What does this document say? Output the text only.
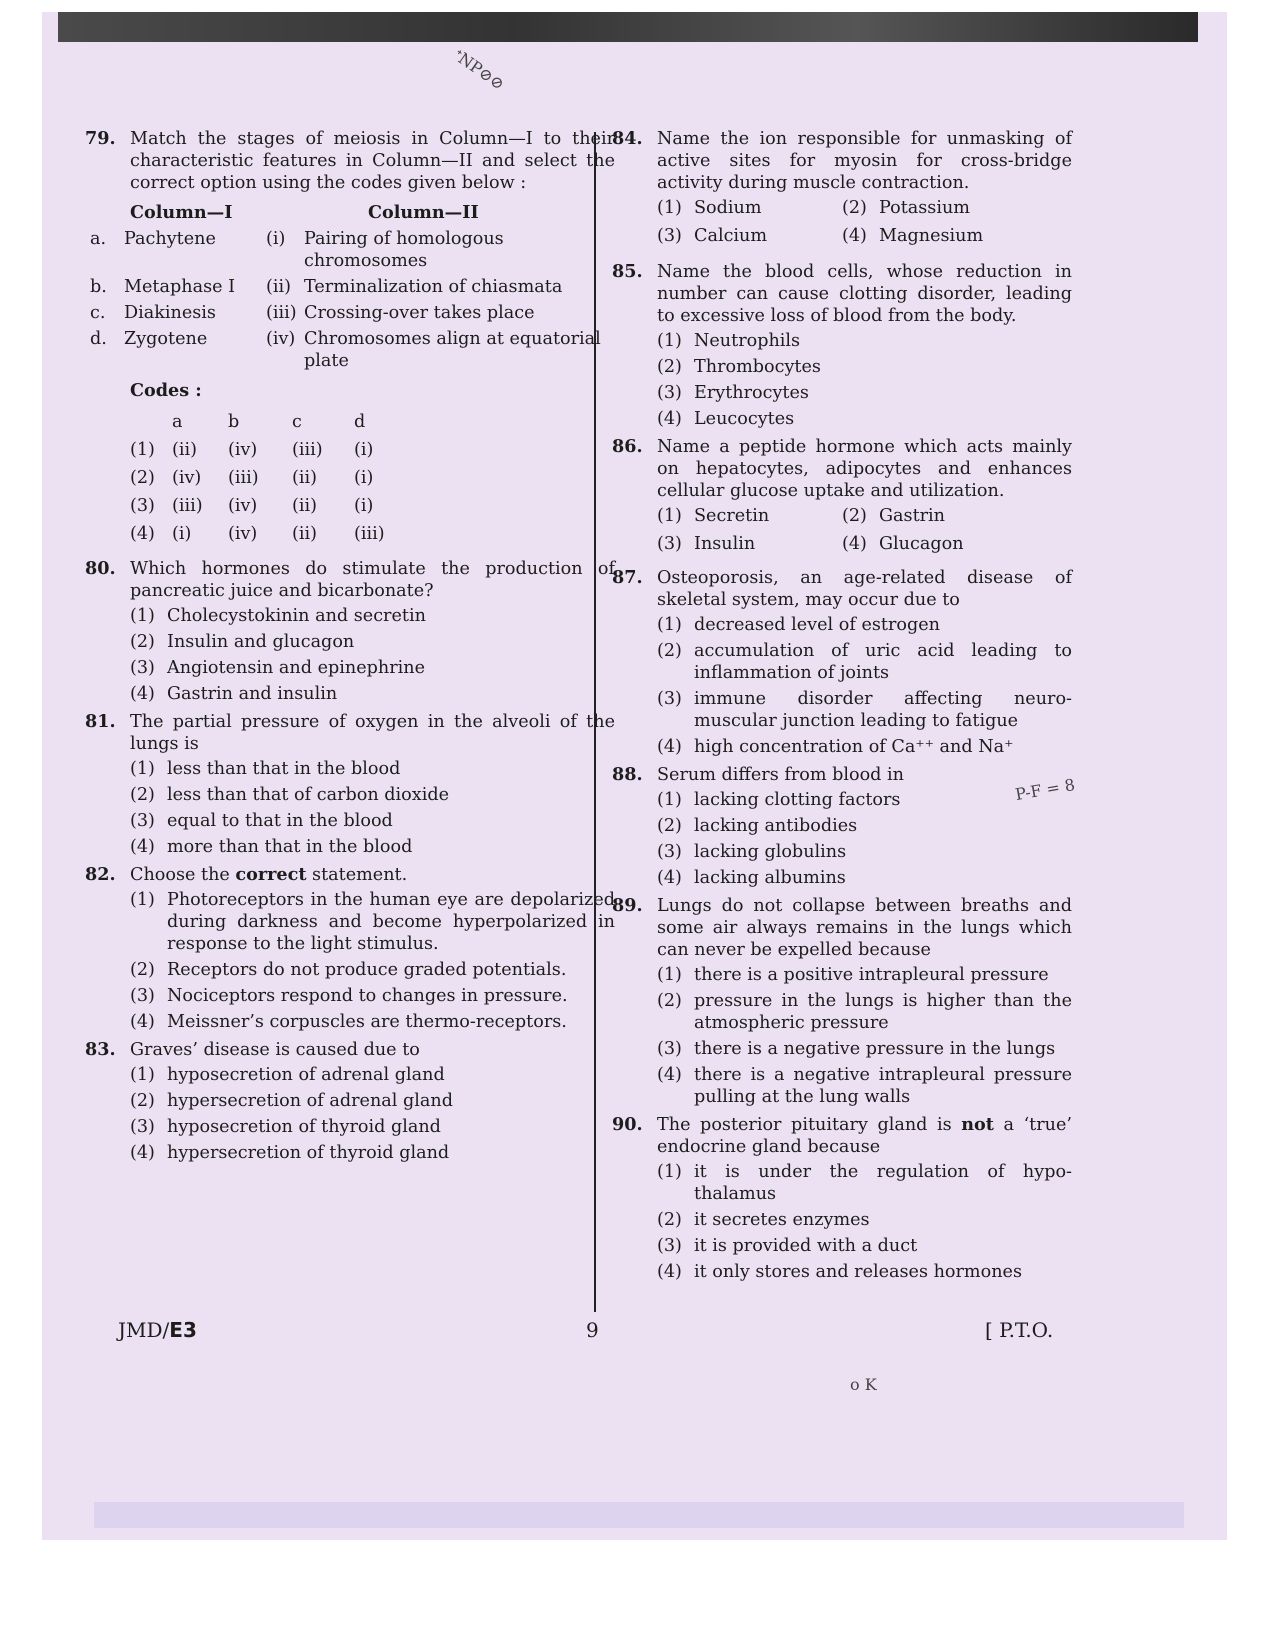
ᐩNP⊘⊘
P-F = 8
o K
79. Match the stages of meiosis in Column—I to their characteristic features in Column—II and select the correct option using the codes given below :
Column—I	Column—II
a.	Pachytene	(i)	Pairing of homologous chromosomes
b. Metaphase I	(ii) Terminalization of chiasmata
c.	Diakinesis	(iii) Crossing-over takes place
d. Zygotene	(iv) Chromosomes align at equatorial plate
Codes :
	a	b	c	d
(1)	(ii)	(iv)	(iii)	(i)
(2)	(iv)	(iii)	(ii)	(i)
(3)	(iii)	(iv)	(ii)	(i)
(4)	(i)	(iv)	(ii)	(iii)
80. Which hormones do stimulate the production of pancreatic juice and bicarbonate?
(1) Cholecystokinin and secretin
(2) Insulin and glucagon
(3) Angiotensin and epinephrine
(4) Gastrin and insulin
81. The partial pressure of oxygen in the alveoli of the lungs is
(1) less than that in the blood
(2) less than that of carbon dioxide
(3) equal to that in the blood
(4) more than that in the blood
82. Choose the correct statement.
(1) Photoreceptors in the human eye are depolarized during darkness and become hyperpolarized in response to the light stimulus.
(2) Receptors do not produce graded potentials.
(3) Nociceptors respond to changes in pressure.
(4) Meissner’s corpuscles are thermo-receptors.
83. Graves’ disease is caused due to
(1) hyposecretion of adrenal gland
(2) hypersecretion of adrenal gland
(3) hyposecretion of thyroid gland
(4) hypersecretion of thyroid gland
84. Name the ion responsible for unmasking of active sites for myosin for cross-bridge activity during muscle contraction.
(1) Sodium	(2) Potassium
(3) Calcium	(4) Magnesium
85. Name the blood cells, whose reduction in number can cause clotting disorder, leading to excessive loss of blood from the body.
(1) Neutrophils
(2) Thrombocytes
(3) Erythrocytes
(4) Leucocytes
86. Name a peptide hormone which acts mainly on hepatocytes, adipocytes and enhances cellular glucose uptake and utilization.
(1) Secretin	(2) Gastrin
(3) Insulin	(4) Glucagon
87. Osteoporosis, an age-related disease of skeletal system, may occur due to
(1) decreased level of estrogen
(2) accumulation of uric acid leading to inflammation of joints
(3) immune disorder affecting neuro-muscular junction leading to fatigue
(4) high concentration of Ca⁺⁺ and Na⁺
88. Serum differs from blood in
(1) lacking clotting factors
(2) lacking antibodies
(3) lacking globulins
(4) lacking albumins
89. Lungs do not collapse between breaths and some air always remains in the lungs which can never be expelled because
(1) there is a positive intrapleural pressure
(2) pressure in the lungs is higher than the atmospheric pressure
(3) there is a negative pressure in the lungs
(4) there is a negative intrapleural pressure pulling at the lung walls
90. The posterior pituitary gland is not a ‘true’ endocrine gland because
(1) it is under the regulation of hypo-thalamus
(2) it secretes enzymes
(3) it is provided with a duct
(4) it only stores and releases hormones
JMD/E3	9	[ P.T.O.
